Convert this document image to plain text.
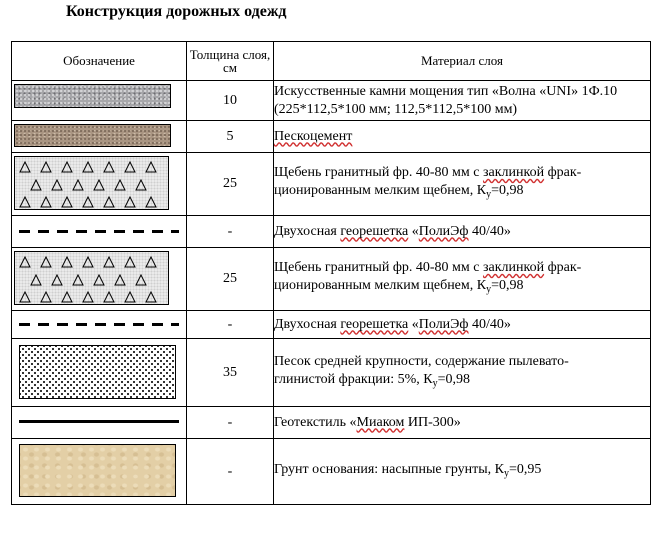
Конструкция дорожных одежд
Обозначение	Толщина слоя, см	Материал слоя

	10	Искусственные камни мощения тип «Волна «UNI» 1Ф.10 (225*112,5*100 мм; 112,5*112,5*100 мм)

	5	Пескоцемент

	25	Щебень гранитный фр. 40-80 мм с заклинкой фрак-
ционированным мелким щебнем, $К_у=0,98$

	-	Двухосная георешетка «ПолиЭф 40/40»

	25	Щебень гранитный фр. 40-80 мм с заклинкой фрак-
ционированным мелким щебнем, $К_у=0,98$

	-	Двухосная георешетка «ПолиЭф 40/40»

	35	Песок средней крупности, содержание пылевато-
глинистой фракции: 5%, $К_у=0,98$

	-	Геотекстиль «Миаком ИП-300»

	-	Грунт основания: насыпные грунты, $К_у=0,95$
